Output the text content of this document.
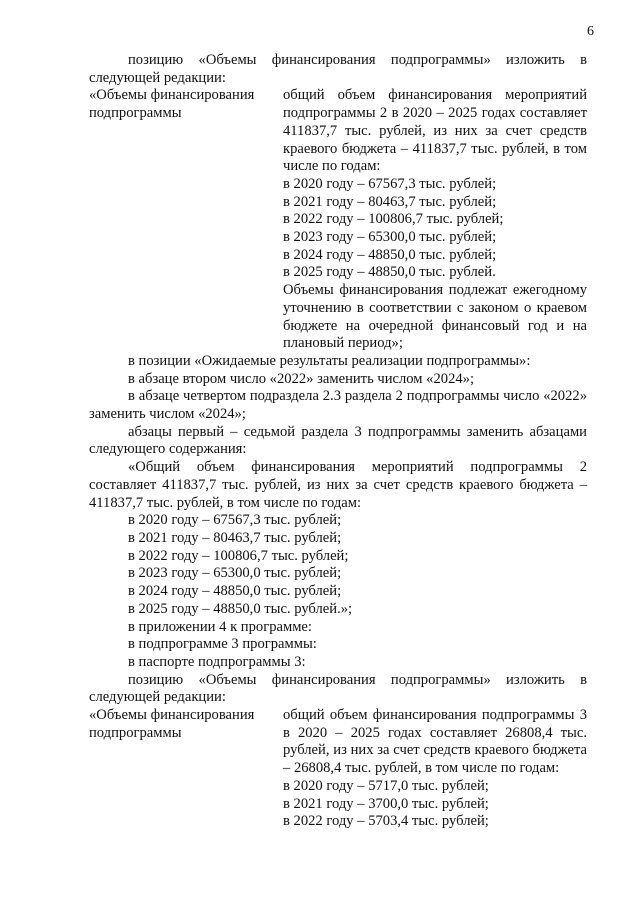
6

позицию «Объемы финансирования подпрограммы» изложить в следующей редакции:

«Объемы финансирования подпрограммы

общий объем финансирования мероприятий подпрограммы 2 в 2020 – 2025 годах составляет 411837,7 тыс. рублей, из них за счет средств краевого бюджета – 411837,7 тыс. рублей, в том числе по годам:

в 2020 году – 67567,3 тыс. рублей;

в 2021 году – 80463,7 тыс. рублей;

в 2022 году – 100806,7 тыс. рублей;

в 2023 году – 65300,0 тыс. рублей;

в 2024 году – 48850,0 тыс. рублей;

в 2025 году – 48850,0 тыс. рублей.

Объемы финансирования подлежат ежегодному уточнению в соответствии с законом о краевом бюджете на очередной финансовый год и на плановый период»;

в позиции «Ожидаемые результаты реализации подпрограммы»:

в абзаце втором число «2022» заменить числом «2024»;

в абзаце четвертом подраздела 2.3 раздела 2 подпрограммы число «2022» заменить числом «2024»;

абзацы первый – седьмой раздела 3 подпрограммы заменить абзацами следующего содержания:

«Общий объем финансирования мероприятий подпрограммы 2 составляет 411837,7 тыс. рублей, из них за счет средств краевого бюджета – 411837,7 тыс. рублей, в том числе по годам:

в 2020 году – 67567,3 тыс. рублей;

в 2021 году – 80463,7 тыс. рублей;

в 2022 году – 100806,7 тыс. рублей;

в 2023 году – 65300,0 тыс. рублей;

в 2024 году – 48850,0 тыс. рублей;

в 2025 году – 48850,0 тыс. рублей.»;

в приложении 4 к программе:

в подпрограмме 3 программы:

в паспорте подпрограммы 3:

позицию «Объемы финансирования подпрограммы» изложить в следующей редакции:

«Объемы финансирования подпрограммы

общий объем финансирования подпрограммы 3 в 2020 – 2025 годах составляет 26808,4 тыс. рублей, из них за счет средств краевого бюджета – 26808,4 тыс. рублей, в том числе по годам:

в 2020 году – 5717,0 тыс. рублей;

в 2021 году – 3700,0 тыс. рублей;

в 2022 году – 5703,4 тыс. рублей;
